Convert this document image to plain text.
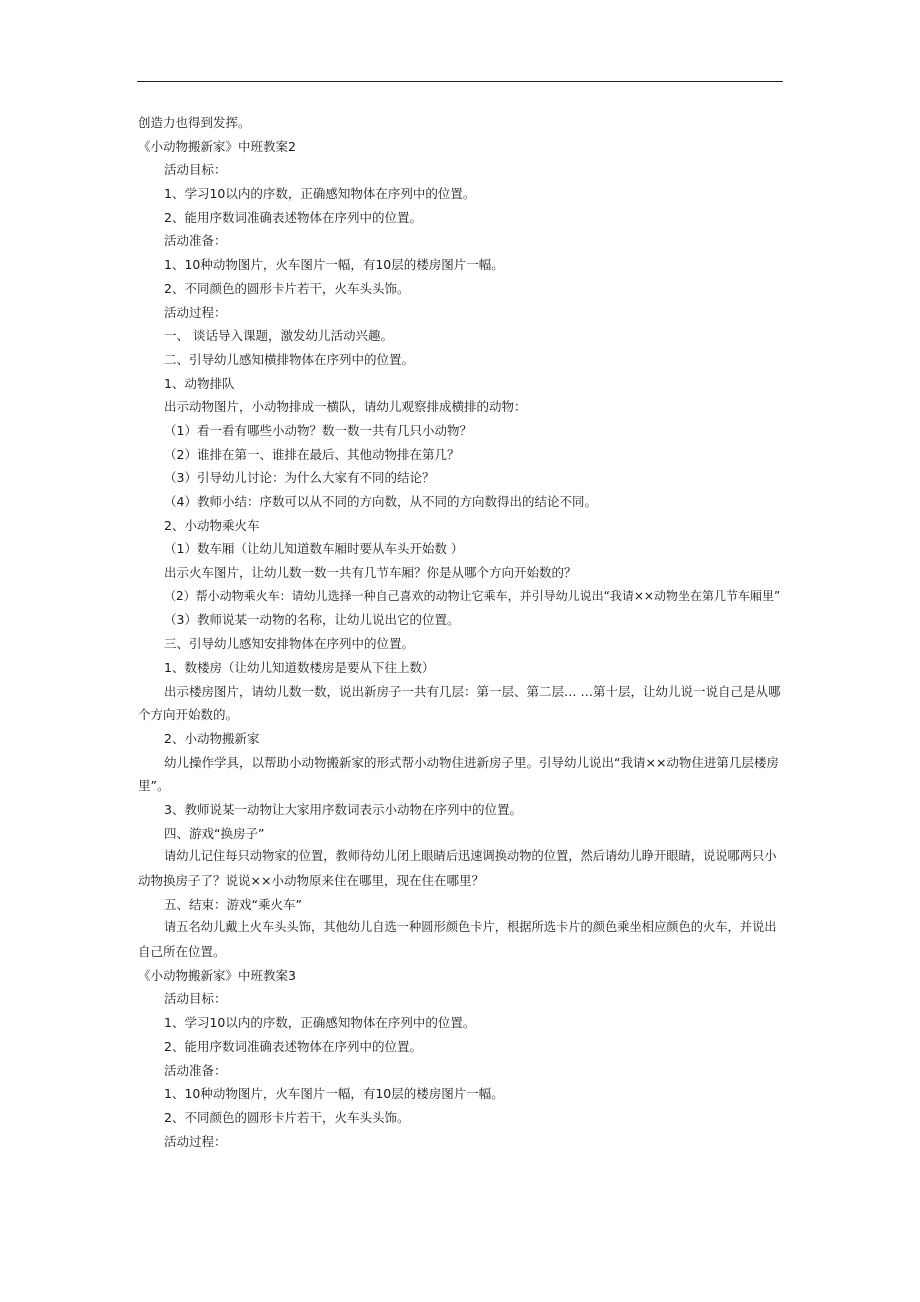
创造力也得到发挥。
《小动物搬新家》中班教案2
活动目标：
1、学习10以内的序数，正确感知物体在序列中的位置。
2、能用序数词准确表述物体在序列中的位置。
活动准备：
1、10种动物图片，火车图片一幅，有10层的楼房图片一幅。
2、不同颜色的圆形卡片若干，火车头头饰。
活动过程：
一、 谈话导入课题，激发幼儿活动兴趣。
二、引导幼儿感知横排物体在序列中的位置。
1、动物排队
出示动物图片，小动物排成一横队，请幼儿观察排成横排的动物：
（1）看一看有哪些小动物？数一数一共有几只小动物？
（2）谁排在第一、谁排在最后、其他动物排在第几？
（3）引导幼儿讨论：为什么大家有不同的结论？
（4）教师小结：序数可以从不同的方向数，从不同的方向数得出的结论不同。
2、小动物乘火车
（1）数车厢（让幼儿知道数车厢时要从车头开始数 ）
出示火车图片，让幼儿数一数一共有几节车厢？你是从哪个方向开始数的？
（2）帮小动物乘火车：请幼儿选择一种自己喜欢的动物让它乘车，并引导幼儿说出“我请××动物坐在第几节车厢里”
（3）教师说某一动物的名称，让幼儿说出它的位置。
三、引导幼儿感知安排物体在序列中的位置。
1、数楼房（让幼儿知道数楼房是要从下往上数）
出示楼房图片，请幼儿数一数，说出新房子一共有几层：第一层、第二层… …第十层，让幼儿说一说自己是从哪
个方向开始数的。
2、小动物搬新家
幼儿操作学具，以帮助小动物搬新家的形式帮小动物住进新房子里。引导幼儿说出“我请××动物住进第几层楼房
里”。
3、教师说某一动物让大家用序数词表示小动物在序列中的位置。
四、游戏“换房子”
请幼儿记住每只动物家的位置，教师待幼儿闭上眼睛后迅速调换动物的位置，然后请幼儿睁开眼睛，说说哪两只小
动物换房子了？说说××小动物原来住在哪里，现在住在哪里？
五、结束：游戏“乘火车”
请五名幼儿戴上火车头头饰，其他幼儿自选一种圆形颜色卡片，根据所选卡片的颜色乘坐相应颜色的火车，并说出
自己所在位置。
《小动物搬新家》中班教案3
活动目标：
1、学习10以内的序数，正确感知物体在序列中的位置。
2、能用序数词准确表述物体在序列中的位置。
活动准备：
1、10种动物图片，火车图片一幅，有10层的楼房图片一幅。
2、不同颜色的圆形卡片若干，火车头头饰。
活动过程：
